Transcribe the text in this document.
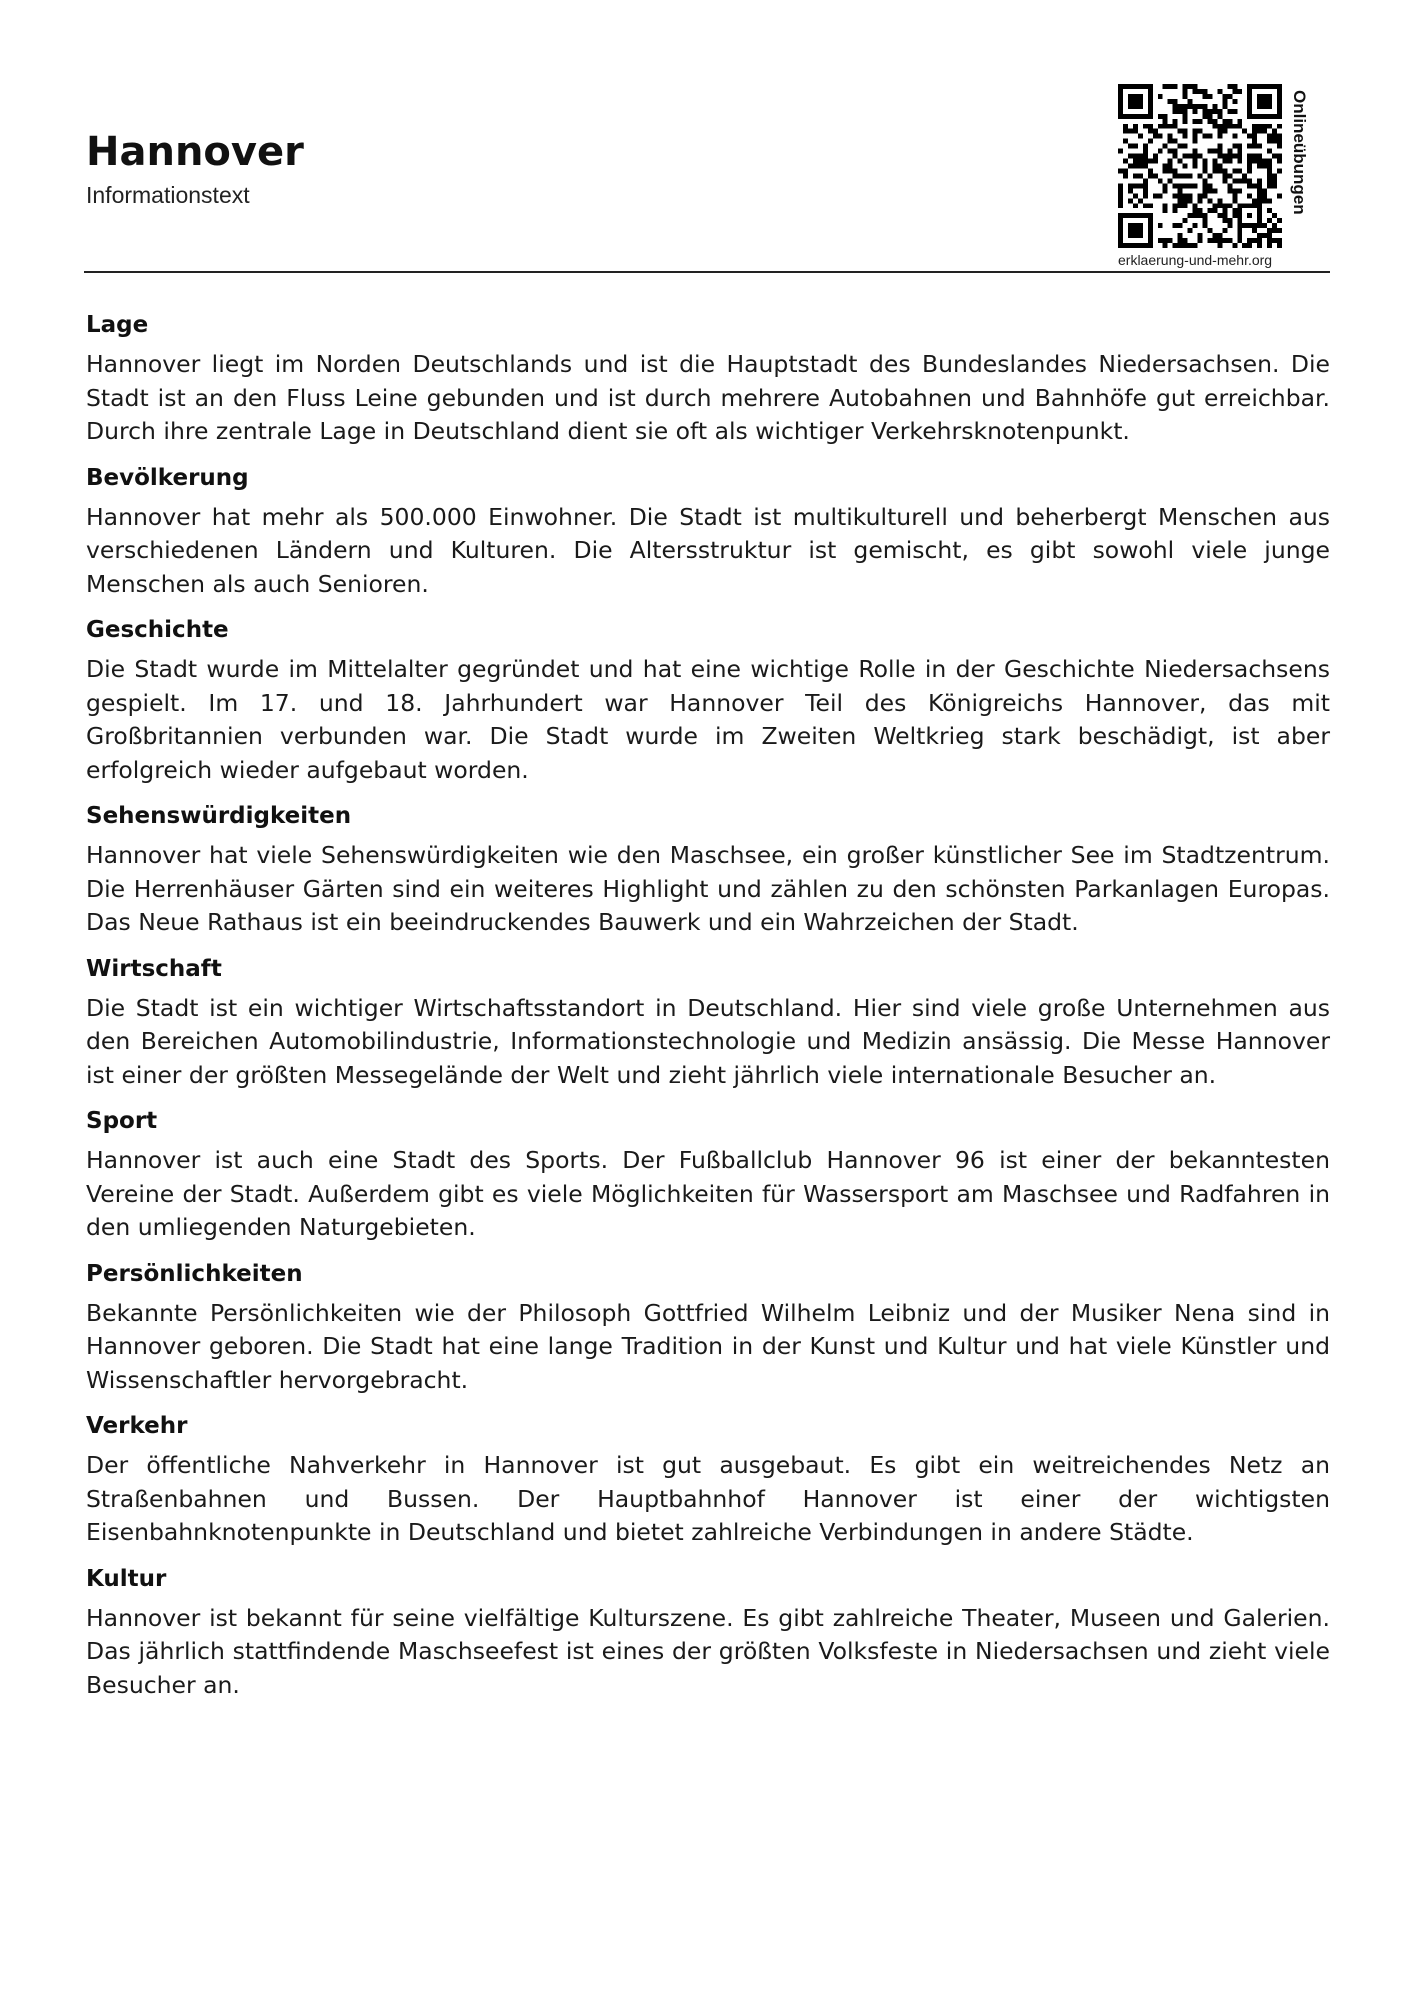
Hannover
Informationstext	Onlineübungen
erklaerung-und-mehr.org
Lage

Hannover liegt im Norden Deutschlands und ist die Hauptstadt des Bundeslandes Niedersachsen. Die Stadt ist an den Fluss Leine gebunden und ist durch mehrere Autobahnen und Bahnhöfe gut erreichbar. Durch ihre zentrale Lage in Deutschland dient sie oft als wichtiger Verkehrsknotenpunkt.

Bevölkerung

Hannover hat mehr als 500.000 Einwohner. Die Stadt ist multikulturell und beherbergt Menschen aus verschiedenen Ländern und Kulturen. Die Altersstruktur ist gemischt, es gibt sowohl viele junge Menschen als auch Senioren.

Geschichte

Die Stadt wurde im Mittelalter gegründet und hat eine wichtige Rolle in der Geschichte Niedersachsens gespielt. Im 17. und 18. Jahrhundert war Hannover Teil des Königreichs Hannover, das mit Großbritannien verbunden war. Die Stadt wurde im Zweiten Weltkrieg stark beschädigt, ist aber erfolgreich wieder aufgebaut worden.

Sehenswürdigkeiten

Hannover hat viele Sehenswürdigkeiten wie den Maschsee, ein großer künstlicher See im Stadtzentrum. Die Herrenhäuser Gärten sind ein weiteres Highlight und zählen zu den schönsten Parkanlagen Europas. Das Neue Rathaus ist ein beeindruckendes Bauwerk und ein Wahrzeichen der Stadt.

Wirtschaft

Die Stadt ist ein wichtiger Wirtschaftsstandort in Deutschland. Hier sind viele große Unternehmen aus den Bereichen Automobilindustrie, Informationstechnologie und Medizin ansässig. Die Messe Hannover ist einer der größten Messegelände der Welt und zieht jährlich viele internationale Besucher an.

Sport

Hannover ist auch eine Stadt des Sports. Der Fußballclub Hannover 96 ist einer der bekanntesten Vereine der Stadt. Außerdem gibt es viele Möglichkeiten für Wassersport am Maschsee und Radfahren in den umliegenden Naturgebieten.

Persönlichkeiten

Bekannte Persönlichkeiten wie der Philosoph Gottfried Wilhelm Leibniz und der Musiker Nena sind in Hannover geboren. Die Stadt hat eine lange Tradition in der Kunst und Kultur und hat viele Künstler und Wissenschaftler hervorgebracht.

Verkehr

Der öffentliche Nahverkehr in Hannover ist gut ausgebaut. Es gibt ein weitreichendes Netz an Straßenbahnen und Bussen. Der Hauptbahnhof Hannover ist einer der wichtigsten Eisenbahnknotenpunkte in Deutschland und bietet zahlreiche Verbindungen in andere Städte.

Kultur

Hannover ist bekannt für seine vielfältige Kulturszene. Es gibt zahlreiche Theater, Museen und Galerien. Das jährlich stattfindende Maschseefest ist eines der größten Volksfeste in Niedersachsen und zieht viele Besucher an.
